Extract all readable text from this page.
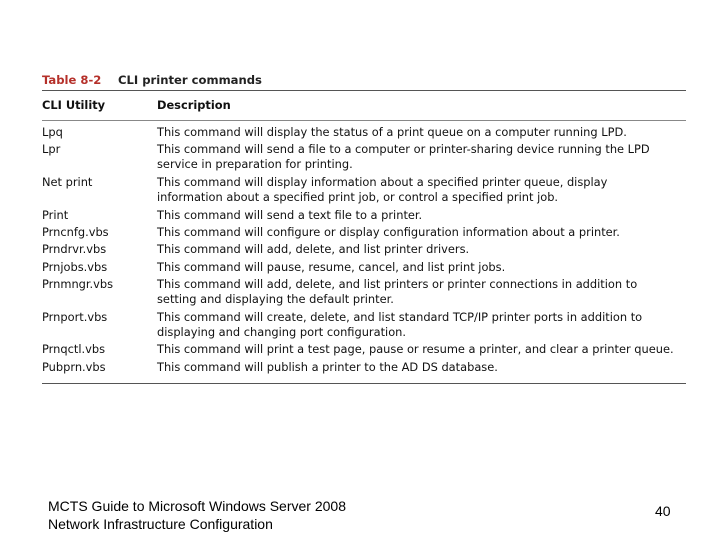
Table 8-2	CLI printer commands
CLI Utility	Description
Lpq	This command will display the status of a print queue on a computer running LPD.
Lpr	This command will send a file to a computer or printer-sharing device running the LPD
service in preparation for printing.
Net print	This command will display information about a specified printer queue, display
information about a specified print job, or control a specified print job.
Print	This command will send a text file to a printer.
Prncnfg.vbs	This command will configure or display configuration information about a printer.
Prndrvr.vbs	This command will add, delete, and list printer drivers.
Prnjobs.vbs	This command will pause, resume, cancel, and list print jobs.
Prnmngr.vbs	This command will add, delete, and list printers or printer connections in addition to
setting and displaying the default printer.
Prnport.vbs	This command will create, delete, and list standard TCP/IP printer ports in addition to
displaying and changing port configuration.
Prnqctl.vbs	This command will print a test page, pause or resume a printer, and clear a printer queue.
Pubprn.vbs	This command will publish a printer to the AD DS database.
MCTS Guide to Microsoft Windows Server 2008
Network Infrastructure Configuration
40
